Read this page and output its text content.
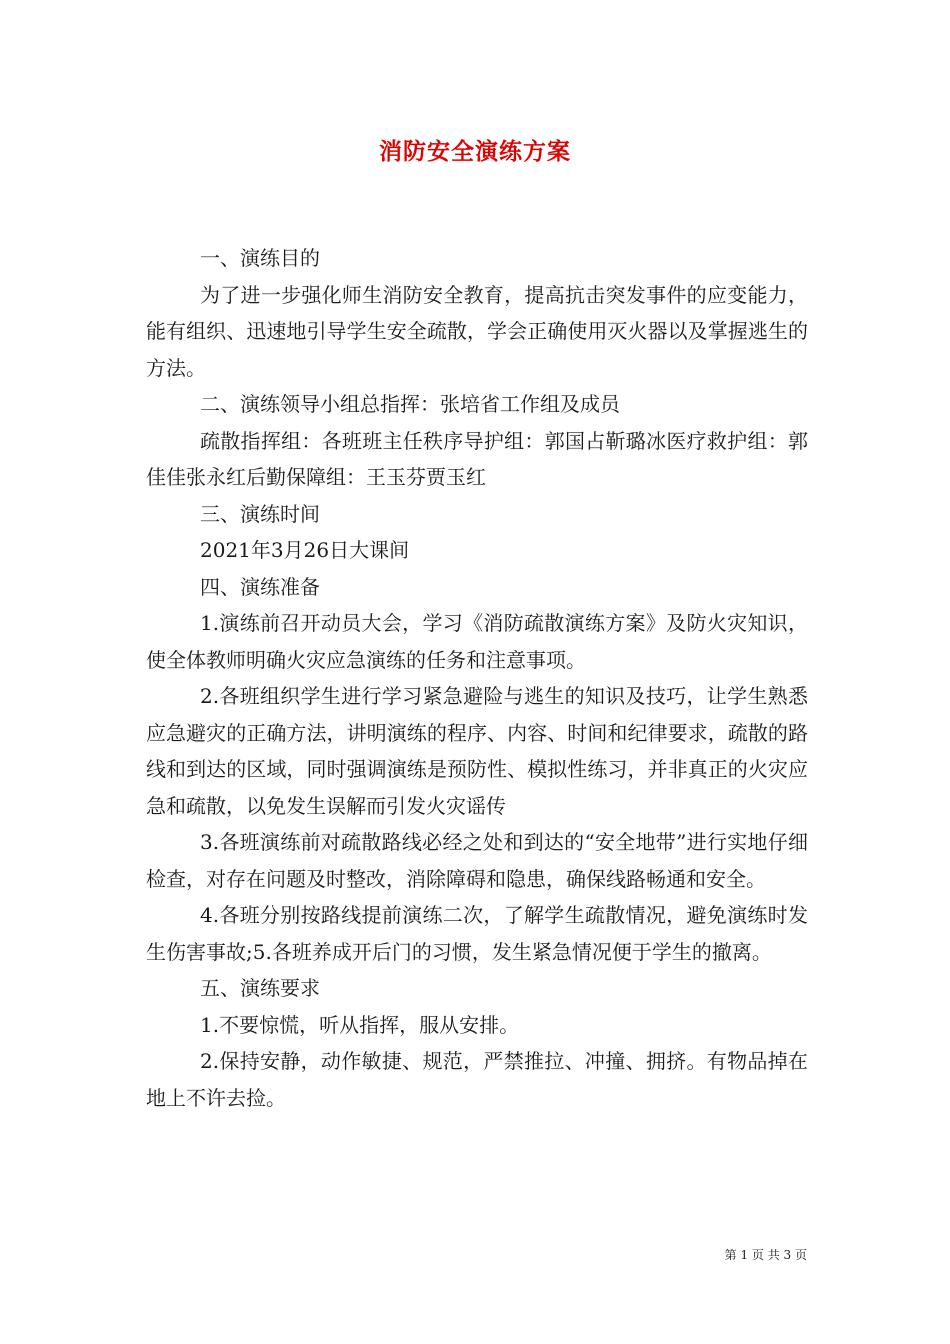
消防安全演练方案

一、演练目的

为了进一步强化师生消防安全教育，提高抗击突发事件的应变能力，能有组织、迅速地引导学生安全疏散，学会正确使用灭火器以及掌握逃生的方法。

二、演练领导小组总指挥：张培省工作组及成员

疏散指挥组：各班班主任秩序导护组：郭国占靳璐冰医疗救护组：郭佳佳张永红后勤保障组：王玉芬贾玉红

三、演练时间

2021年3月26日大课间

四、演练准备

1.演练前召开动员大会，学习《消防疏散演练方案》及防火灾知识，使全体教师明确火灾应急演练的任务和注意事项。

2.各班组织学生进行学习紧急避险与逃生的知识及技巧，让学生熟悉应急避灾的正确方法，讲明演练的程序、内容、时间和纪律要求，疏散的路线和到达的区域，同时强调演练是预防性、模拟性练习，并非真正的火灾应急和疏散，以免发生误解而引发火灾谣传

3.各班演练前对疏散路线必经之处和到达的“安全地带”进行实地仔细检查，对存在问题及时整改，消除障碍和隐患，确保线路畅通和安全。

4.各班分别按路线提前演练二次，了解学生疏散情况，避免演练时发生伤害事故;5.各班养成开后门的习惯，发生紧急情况便于学生的撤离。

五、演练要求

1.不要惊慌，听从指挥，服从安排。

2.保持安静，动作敏捷、规范，严禁推拉、冲撞、拥挤。有物品掉在地上不许去捡。

第 1 页 共 3 页
